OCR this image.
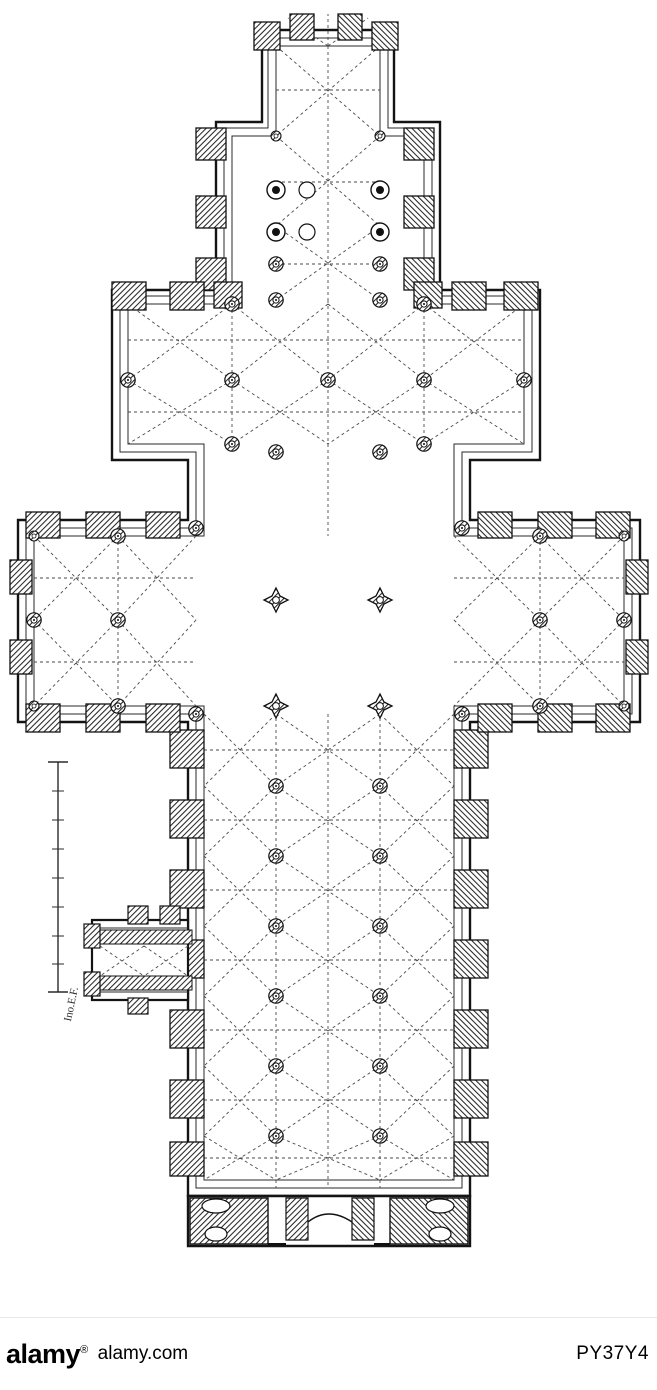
Ino.E.F.
alamy® alamy.com	PY37Y4
